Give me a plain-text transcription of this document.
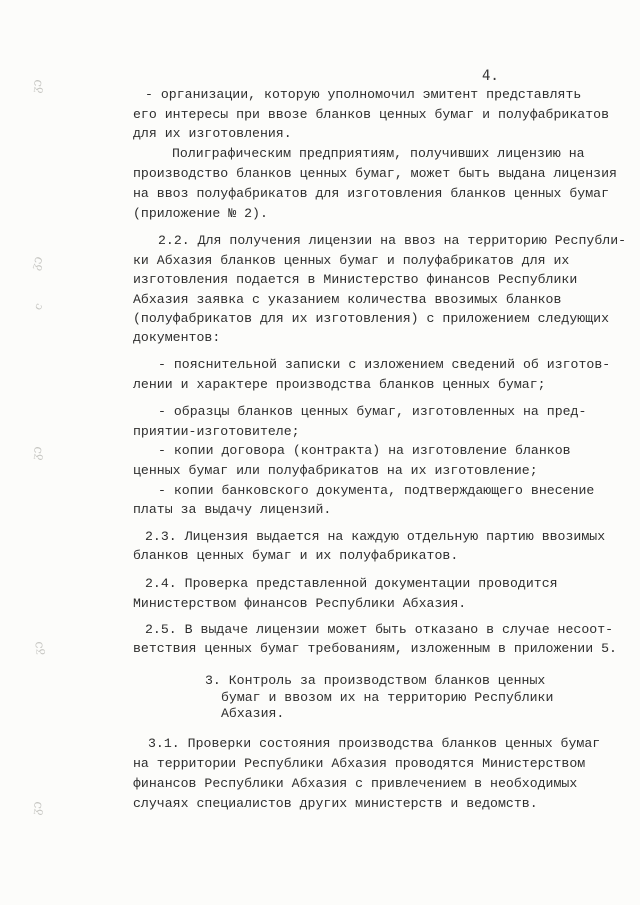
4.
- организации, которую уполномочил эмитент представлять
его интересы при ввозе бланков ценных бумаг и полуфабрикатов
для их изготовления.
Полиграфическим предприятиям, получивших лицензию на
производство бланков ценных бумаг, может быть выдана лицензия
на ввоз полуфабрикатов для изготовления бланков ценных бумаг
(приложение № 2).
2.2. Для получения лицензии на ввоз на территорию Республи-
ки Абхазия бланков ценных бумаг и полуфабрикатов для их
изготовления подается в Министерство финансов Республики
Абхазия заявка с указанием количества ввозимых бланков
(полуфабрикатов для их изготовления) с приложением следующих
документов:
- пояснительной записки с изложением сведений об изготов-
лении и характере производства бланков ценных бумаг;
- образцы бланков ценных бумаг, изготовленных на пред-
приятии-изготовителе;
- копии договора (контракта) на изготовление бланков
ценных бумаг или полуфабрикатов на их изготовление;
- копии банковского документа, подтверждающего внесение
платы за выдачу лицензий.
2.3. Лицензия выдается на каждую отдельную партию ввозимых
бланков ценных бумаг и их полуфабрикатов.
2.4. Проверка представленной документации проводится
Министерством финансов Республики Абхазия.
2.5. В выдаче лицензии может быть отказано в случае несоот-
ветствия ценных бумаг требованиям, изложенным в приложении 5.
3. Контроль за производством бланков ценных
бумаг и ввозом их на территорию Республики
Абхазия.
3.1. Проверки состояния производства бланков ценных бумаг
на территории Республики Абхазия проводятся Министерством
финансов Республики Абхазия с привлечением в необходимых
случаях специалистов других министерств и ведомств.
ᵹɔ
ᵹɔ
ⅽ
ᵹɔ
ᵹɔ
ᵹɔ
